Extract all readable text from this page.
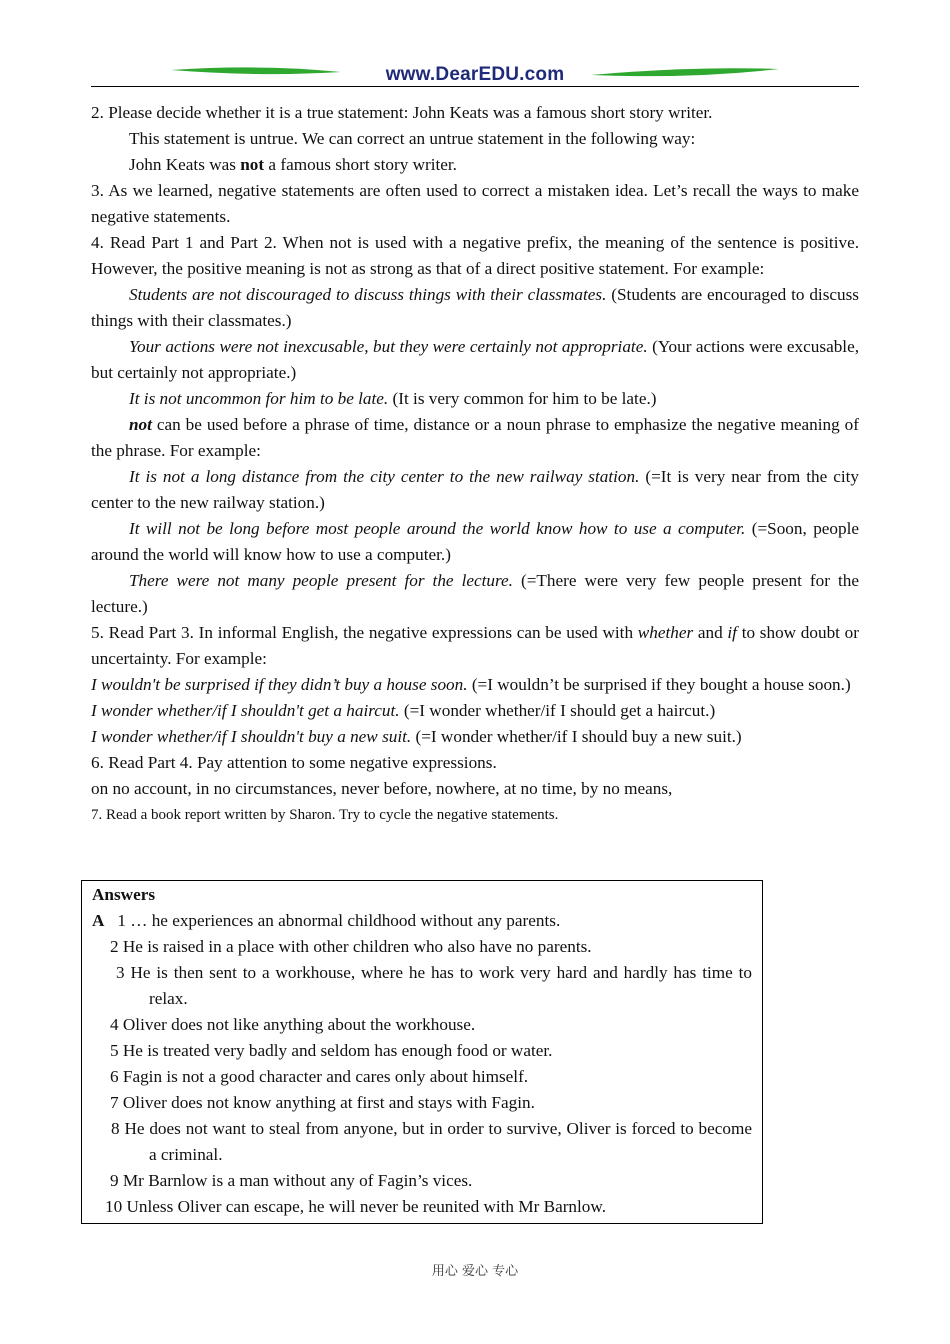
www.DearEDU.com

2. Please decide whether it is a true statement: John Keats was a famous short story writer.

This statement is untrue. We can correct an untrue statement in the following way:

John Keats was not a famous short story writer.

3. As we learned, negative statements are often used to correct a mistaken idea. Let’s recall the ways to make negative statements.

4. Read Part 1 and Part 2. When not is used with a negative prefix, the meaning of the sentence is positive. However, the positive meaning is not as strong as that of a direct positive statement. For example:

Students are not discouraged to discuss things with their classmates. (Students are encouraged to discuss things with their classmates.)

Your actions were not inexcusable, but they were certainly not appropriate. (Your actions were excusable, but certainly not appropriate.)

It is not uncommon for him to be late. (It is very common for him to be late.)

not can be used before a phrase of time, distance or a noun phrase to emphasize the negative meaning of the phrase. For example:

It is not a long distance from the city center to the new railway station. (=It is very near from the city center to the new railway station.)

It will not be long before most people around the world know how to use a computer. (=Soon, people around the world will know how to use a computer.)

There were not many people present for the lecture. (=There were very few people present for the lecture.)

5. Read Part 3. In informal English, the negative expressions can be used with whether and if to show doubt or uncertainty. For example:

I wouldn't be surprised if they didn’t buy a house soon. (=I wouldn’t be surprised if they bought a house soon.)

I wonder whether/if I shouldn't get a haircut. (=I wonder whether/if I should get a haircut.)

I wonder whether/if I shouldn't buy a new suit. (=I wonder whether/if I should buy a new suit.)

6. Read Part 4. Pay attention to some negative expressions.

on no account, in no circumstances, never before, nowhere, at no time, by no means,

7. Read a book report written by Sharon. Try to cycle the negative statements.

Answers

A 1 … he experiences an abnormal childhood without any parents.

2 He is raised in a place with other children who also have no parents.

3 He is then sent to a workhouse, where he has to work very hard and hardly has time to relax.

4 Oliver does not like anything about the workhouse.

5 He is treated very badly and seldom has enough food or water.

6 Fagin is not a good character and cares only about himself.

7 Oliver does not know anything at first and stays with Fagin.

8 He does not want to steal from anyone, but in order to survive, Oliver is forced to become a criminal.

9 Mr Barnlow is a man without any of Fagin’s vices.

10 Unless Oliver can escape, he will never be reunited with Mr Barnlow.

用心 爱心 专心
